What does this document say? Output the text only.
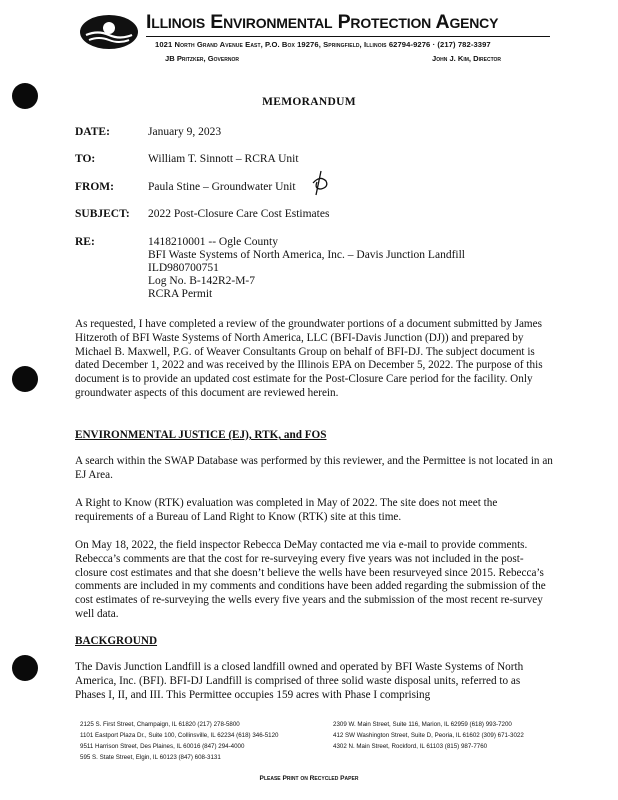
Illinois Environmental Protection Agency
1021 North Grand Avenue East, P.O. Box 19276, Springfield, Illinois 62794-9276 · (217) 782-3397
JB Pritzker, Governor	John J. Kim, Director
MEMORANDUM
DATE:	January 9, 2023
TO:	William T. Sinnott – RCRA Unit
FROM:	Paula Stine – Groundwater Unit
SUBJECT: 2022 Post-Closure Care Cost Estimates
RE:	1418210001 -- Ogle County
BFI Waste Systems of North America, Inc. – Davis Junction Landfill
ILD980700751
Log No. B-142R2-M-7
RCRA Permit
As requested, I have completed a review of the groundwater portions of a document submitted by James Hitzeroth of BFI Waste Systems of North America, LLC (BFI-Davis Junction (DJ)) and prepared by Michael B. Maxwell, P.G. of Weaver Consultants Group on behalf of BFI-DJ. The subject document is dated December 1, 2022 and was received by the Illinois EPA on December 5, 2022. The purpose of this document is to provide an updated cost estimate for the Post-Closure Care period for the facility. Only groundwater aspects of this document are reviewed herein.
ENVIRONMENTAL JUSTICE (EJ), RTK, and FOS
A search within the SWAP Database was performed by this reviewer, and the Permittee is not located in an EJ Area.
A Right to Know (RTK) evaluation was completed in May of 2022. The site does not meet the requirements of a Bureau of Land Right to Know (RTK) site at this time.
On May 18, 2022, the field inspector Rebecca DeMay contacted me via e-mail to provide comments. Rebecca’s comments are that the cost for re-surveying every five years was not included in the post-closure cost estimates and that she doesn’t believe the wells have been resurveyed since 2015. Rebecca’s comments are included in my comments and conditions have been added regarding the submission of the cost estimates of re-surveying the wells every five years and the submission of the most recent re-survey well data.
BACKGROUND
The Davis Junction Landfill is a closed landfill owned and operated by BFI Waste Systems of North America, Inc. (BFI). BFI-DJ Landfill is comprised of three solid waste disposal units, referred to as Phases I, II, and III. This Permittee occupies 159 acres with Phase I comprising
2125 S. First Street, Champaign, IL 61820 (217) 278-5800
1101 Eastport Plaza Dr., Suite 100, Collinsville, IL 62234 (618) 346-5120
9511 Harrison Street, Des Plaines, IL 60016 (847) 294-4000
595 S. State Street, Elgin, IL 60123 (847) 608-3131
2309 W. Main Street, Suite 116, Marion, IL 62959 (618) 993-7200
412 SW Washington Street, Suite D, Peoria, IL 61602 (309) 671-3022
4302 N. Main Street, Rockford, IL 61103 (815) 987-7760
Please Print on Recycled Paper
